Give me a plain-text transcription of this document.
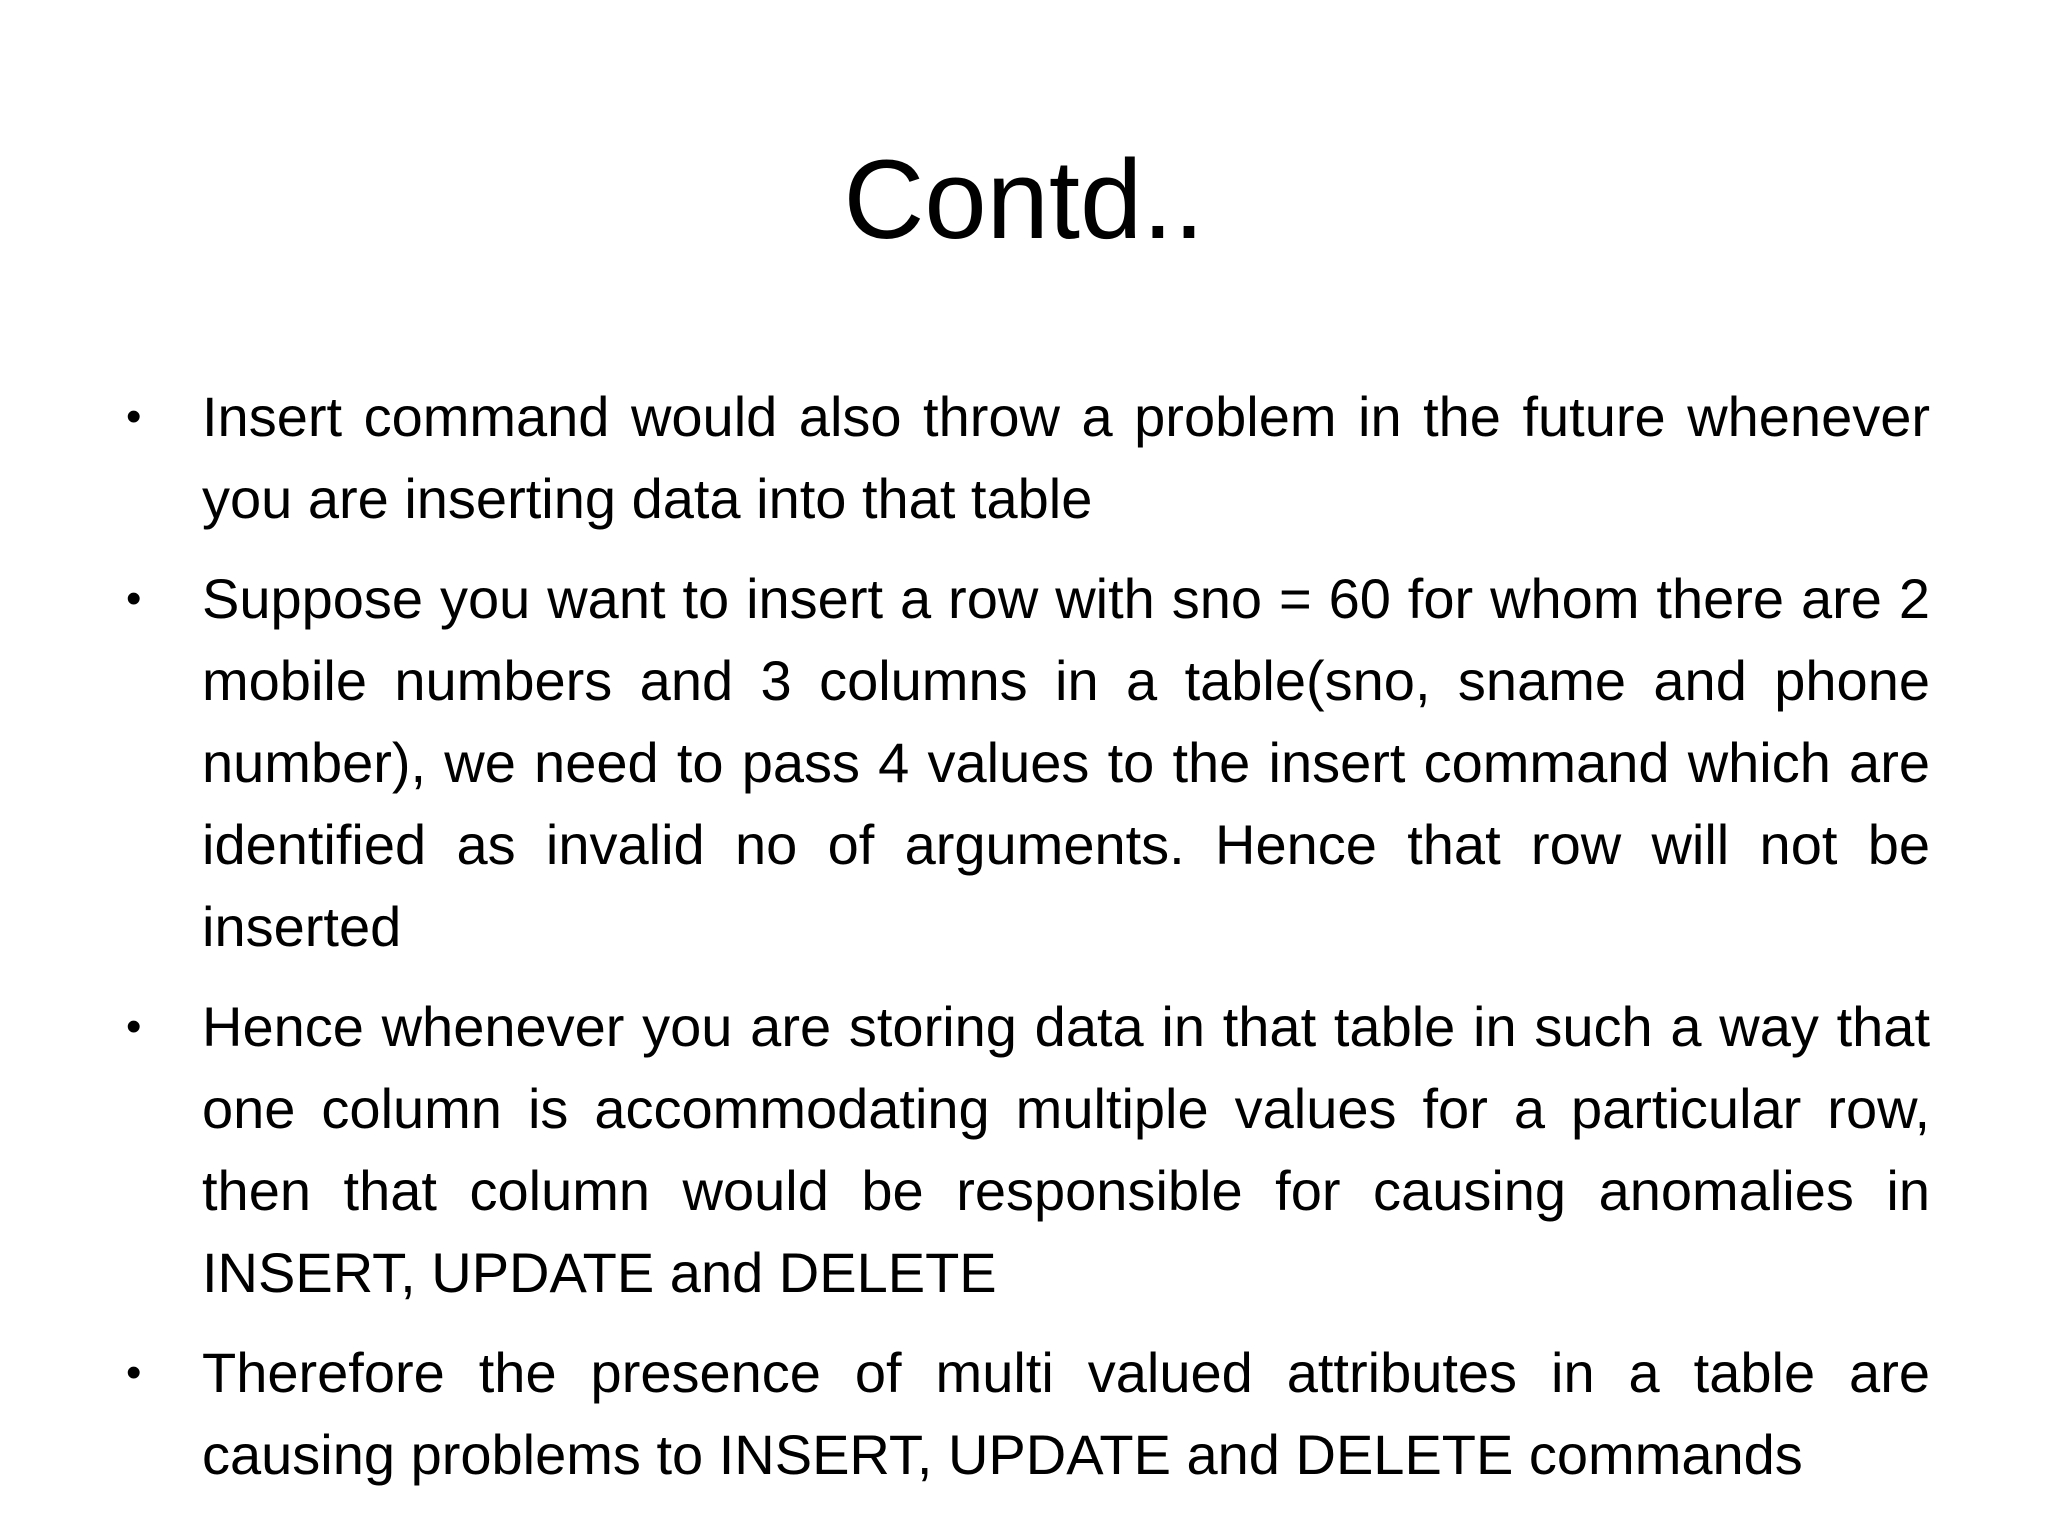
Contd..
• Insert command would also throw a problem in the future whenever you are inserting data into that table
• Suppose you want to insert a row with sno = 60 for whom there are 2 mobile numbers and 3 columns in a table(sno, sname and phone number), we need to pass 4 values to the insert command which are identified as invalid no of arguments. Hence that row will not be inserted
• Hence whenever you are storing data in that table in such a way that one column is accommodating multiple values for a particular row, then that column would be responsible for causing anomalies in INSERT, UPDATE and DELETE
• Therefore the presence of multi valued attributes in a table are causing problems to INSERT, UPDATE and DELETE commands
